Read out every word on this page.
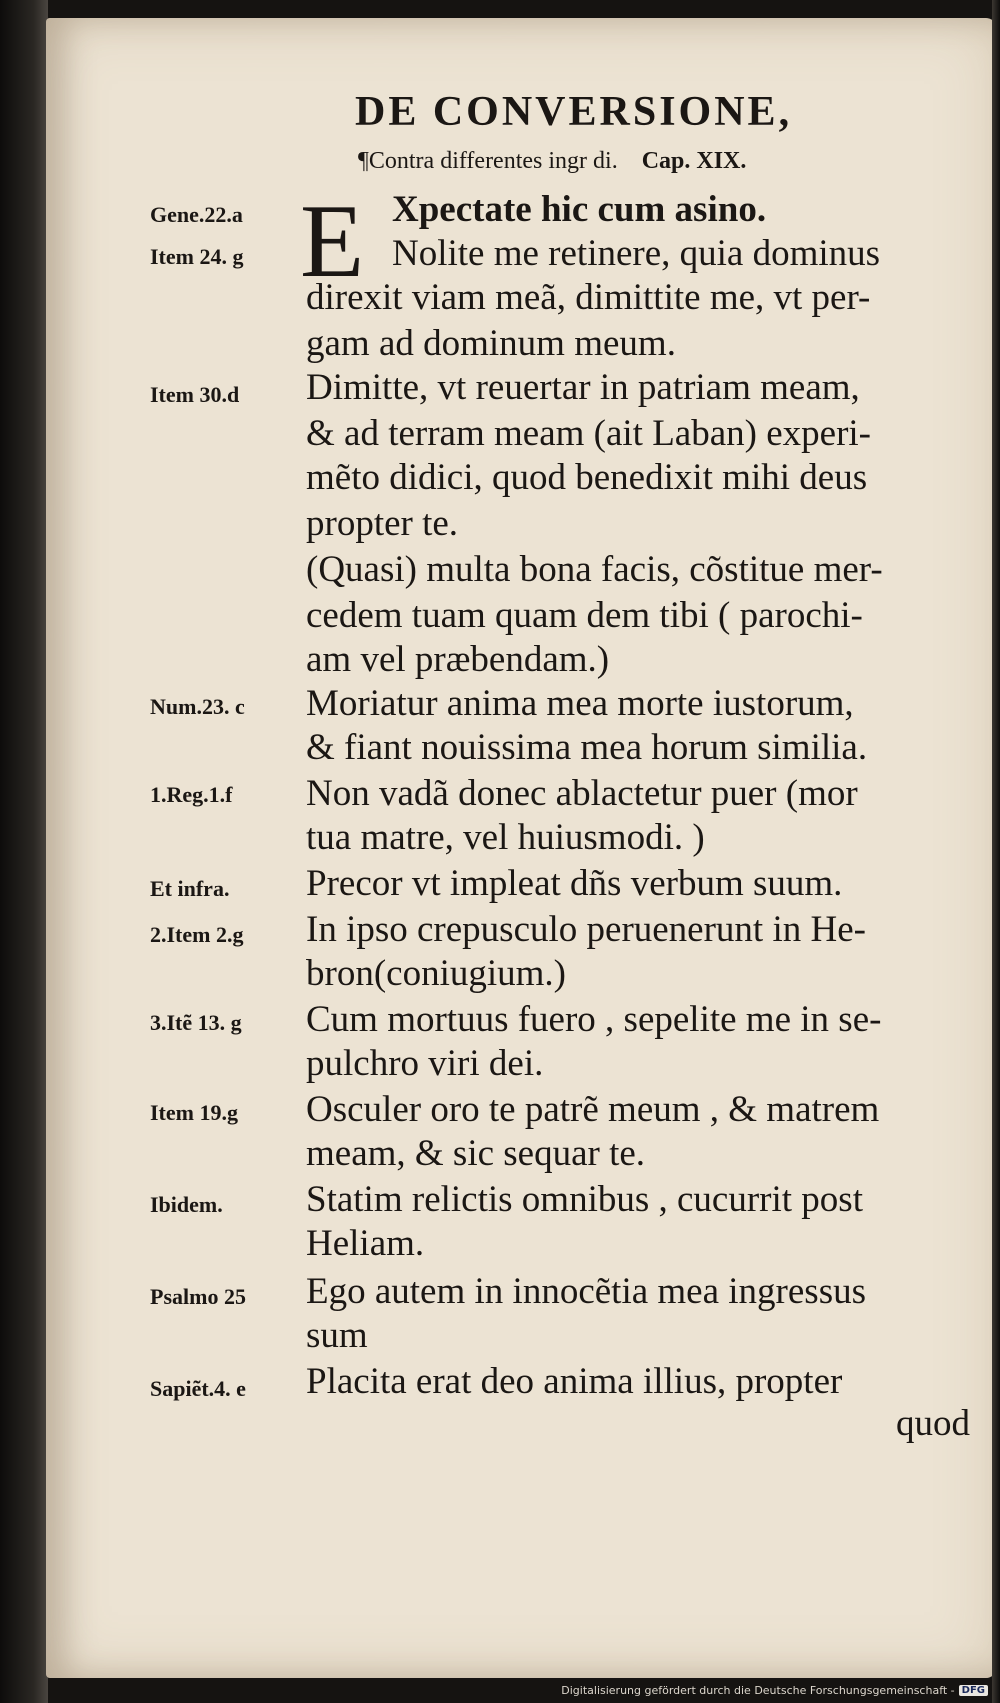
DE CONVERSIONE,
¶Contra differentes ingr di. Cap. XIX.
Gene.22.a
Item 24. g
Item 30.d
Num.23. c
1.Reg.1.f
Et infra.
2.Item 2.g
3.Itẽ 13. g
Item 19.g
Ibidem.
Psalmo 25
Sapiẽt.4. e
E Xpectate hic cum asino.
Nolite me retinere, quia dominus
direxit viam meã, dimittite me, vt per-
gam ad dominum meum.
Dimitte, vt reuertar in patriam meam,
& ad terram meam (ait Laban) experi-
mẽto didici, quod benedixit mihi deus
propter te.
(Quasi) multa bona facis, cõstitue mer-
cedem tuam quam dem tibi ( parochi-
am vel præbendam.)
Moriatur anima mea morte iustorum,
& fiant nouissima mea horum similia.
Non vadã donec ablactetur puer (mor
tua matre, vel huiusmodi. )
Precor vt impleat dñs verbum suum.
In ipso crepusculo peruenerunt in He-
bron(coniugium.)
Cum mortuus fuero , sepelite me in se-
pulchro viri dei.
Osculer oro te patrẽ meum , & matrem
meam, & sic sequar te.
Statim relictis omnibus , cucurrit post
Heliam.
Ego autem in innocẽtia mea ingressus
sum
Placita erat deo anima illius, propter
quod
Digitalisierung gefördert durch die Deutsche Forschungsgemeinschaft - DFG
